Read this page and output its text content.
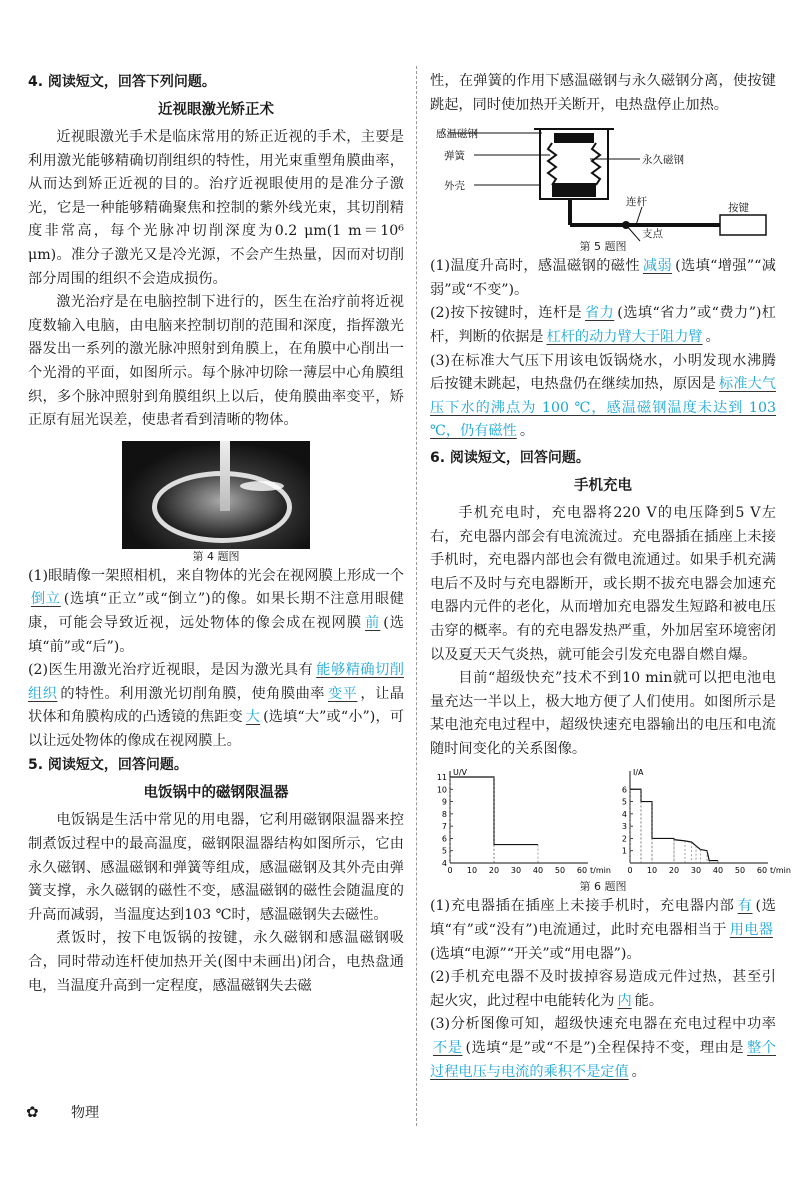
4. 阅读短文，回答下列问题。

近视眼激光矫正术

近视眼激光手术是临床常用的矫正近视的手术，主要是利用激光能够精确切削组织的特性，用光束重塑角膜曲率，从而达到矫正近视的目的。治疗近视眼使用的是准分子激光，它是一种能够精确聚焦和控制的紫外线光束，其切削精度非常高，每个光脉冲切削深度为0.2 μm(1 m＝10⁶ μm)。准分子激光又是冷光源，不会产生热量，因而对切削部分周围的组织不会造成损伤。

激光治疗是在电脑控制下进行的，医生在治疗前将近视度数输入电脑，由电脑来控制切削的范围和深度，指挥激光器发出一系列的激光脉冲照射到角膜上，在角膜中心削出一个光滑的平面，如图所示。每个脉冲切除一薄层中心角膜组织，多个脉冲照射到角膜组织上以后，使角膜曲率变平，矫正原有屈光误差，使患者看到清晰的物体。

第 4 题图

(1)眼睛像一架照相机，来自物体的光会在视网膜上形成一个倒立 (选填“正立”或“倒立”)的像。如果长期不注意用眼健康，可能会导致近视，远处物体的像会成在视网膜 前 (选填“前”或“后”)。

(2)医生用激光治疗近视眼，是因为激光具有 能够精确切削组织 的特性。利用激光切削角膜，使角膜曲率 变平 ，让晶状体和角膜构成的凸透镜的焦距变 大 (选填“大”或“小”)，可以让远处物体的像成在视网膜上。

5. 阅读短文，回答问题。

电饭锅中的磁钢限温器

电饭锅是生活中常见的用电器，它利用磁钢限温器来控制煮饭过程中的最高温度，磁钢限温器结构如图所示，它由永久磁钢、感温磁钢和弹簧等组成，感温磁钢及其外壳由弹簧支撑，永久磁钢的磁性不变，感温磁钢的磁性会随温度的升高而减弱，当温度达到103 ℃时，感温磁钢失去磁性。

煮饭时，按下电饭锅的按键，永久磁钢和感温磁钢吸合，同时带动连杆使加热开关(图中未画出)闭合，电热盘通电，当温度升高到一定程度，感温磁钢失去磁

性，在弹簧的作用下感温磁钢与永久磁钢分离，使按键跳起，同时使加热开关断开，电热盘停止加热。

感温磁钢
弹簧
外壳
永久磁钢
连杆	按键
支点
第 5 题图

(1)温度升高时，感温磁钢的磁性 减弱 (选填“增强”“减弱”或“不变”)。

(2)按下按键时，连杆是 省力 (选填“省力”或“费力”)杠杆，判断的依据是 杠杆的动力臂大于阻力臂 。

(3)在标准大气压下用该电饭锅烧水，小明发现水沸腾后按键未跳起，电热盘仍在继续加热，原因是 标准大气压下水的沸点为 100 ℃，感温磁钢温度未达到 103 ℃，仍有磁性 。

6. 阅读短文，回答问题。

手机充电

手机充电时，充电器将220 V的电压降到5 V左右，充电器内部会有电流流过。充电器插在插座上未接手机时，充电器内部也会有微电流通过。如果手机充满电后不及时与充电器断开，或长期不拔充电器会加速充电器内元件的老化，从而增加充电器发生短路和被电压击穿的概率。有的充电器发热严重，外加居室环境密闭以及夏天天气炎热，就可能会引发充电器自燃自爆。

目前“超级快充”技术不到10 min就可以把电池电量充达一半以上，极大地方便了人们使用。如图所示是某电池充电过程中，超级快速充电器输出的电压和电流随时间变化的关系图像。

0 10 20 30 40 50 60
4
5
6
7
8
9
10
11
U/V
t/min 0 10 20 30 40 50 60
1
2
3
4
5
6
I/A
t/min
第 6 题图

(1)充电器插在插座上未接手机时，充电器内部 有 (选填“有”或“没有”)电流通过，此时充电器相当于 用电器(选填“电源”“开关”或“用电器”)。

(2)手机充电器不及时拔掉容易造成元件过热，甚至引起火灾，此过程中电能转化为 内 能。

(3)分析图像可知，超级快速充电器在充电过程中功率不是 (选填“是”或“不是”)全程保持不变，理由是 整个过程电压与电流的乘积不是定值 。

✿ 物理
